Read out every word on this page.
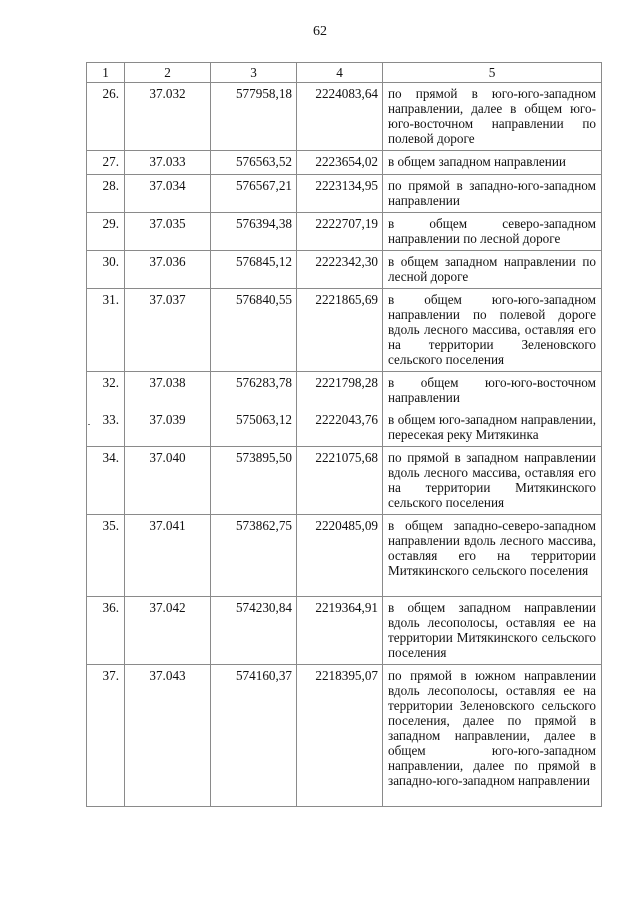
62
1	2	3	4	5
26.	37.032	577958,18	2224083,64	по прямой в юго-юго-западном направлении, далее в общем юго-юго-восточном направлении по полевой дороге
27.	37.033	576563,52	2223654,02	в общем западном направлении
28.	37.034	576567,21	2223134,95	по прямой в западно-юго-западном направлении
29.	37.035	576394,38	2222707,19	в общем северо-западном направлении по лесной дороге
30.	37.036	576845,12	2222342,30	в общем западном направлении по лесной дороге
31.	37.037	576840,55	2221865,69	в общем юго-юго-западном направлении по полевой дороге вдоль лесного массива, оставляя его на территории Зеленовского сельского поселения
32.	37.038	576283,78	2221798,28	в общем юго-юго-восточном направлении
33.	37.039	575063,12	2222043,76	в общем юго-западном направлении, пересекая реку Митякинка
34.	37.040	573895,50	2221075,68	по прямой в западном направлении вдоль лесного массива, оставляя его на территории Митякинского сельского поселения
35.	37.041	573862,75	2220485,09	в общем западно-северо-западном направлении вдоль лесного массива, оставляя его на территории Митякинского сельского поселения
36.	37.042	574230,84	2219364,91	в общем западном направлении вдоль лесополосы, оставляя ее на территории Митякинского сельского поселения
37.	37.043	574160,37	2218395,07	по прямой в южном направлении вдоль лесополосы, оставляя ее на территории Зеленовского сельского поселения, далее по прямой в западном направлении, далее в общем юго-юго-западном направлении, далее по прямой в западно-юго-западном направлении
